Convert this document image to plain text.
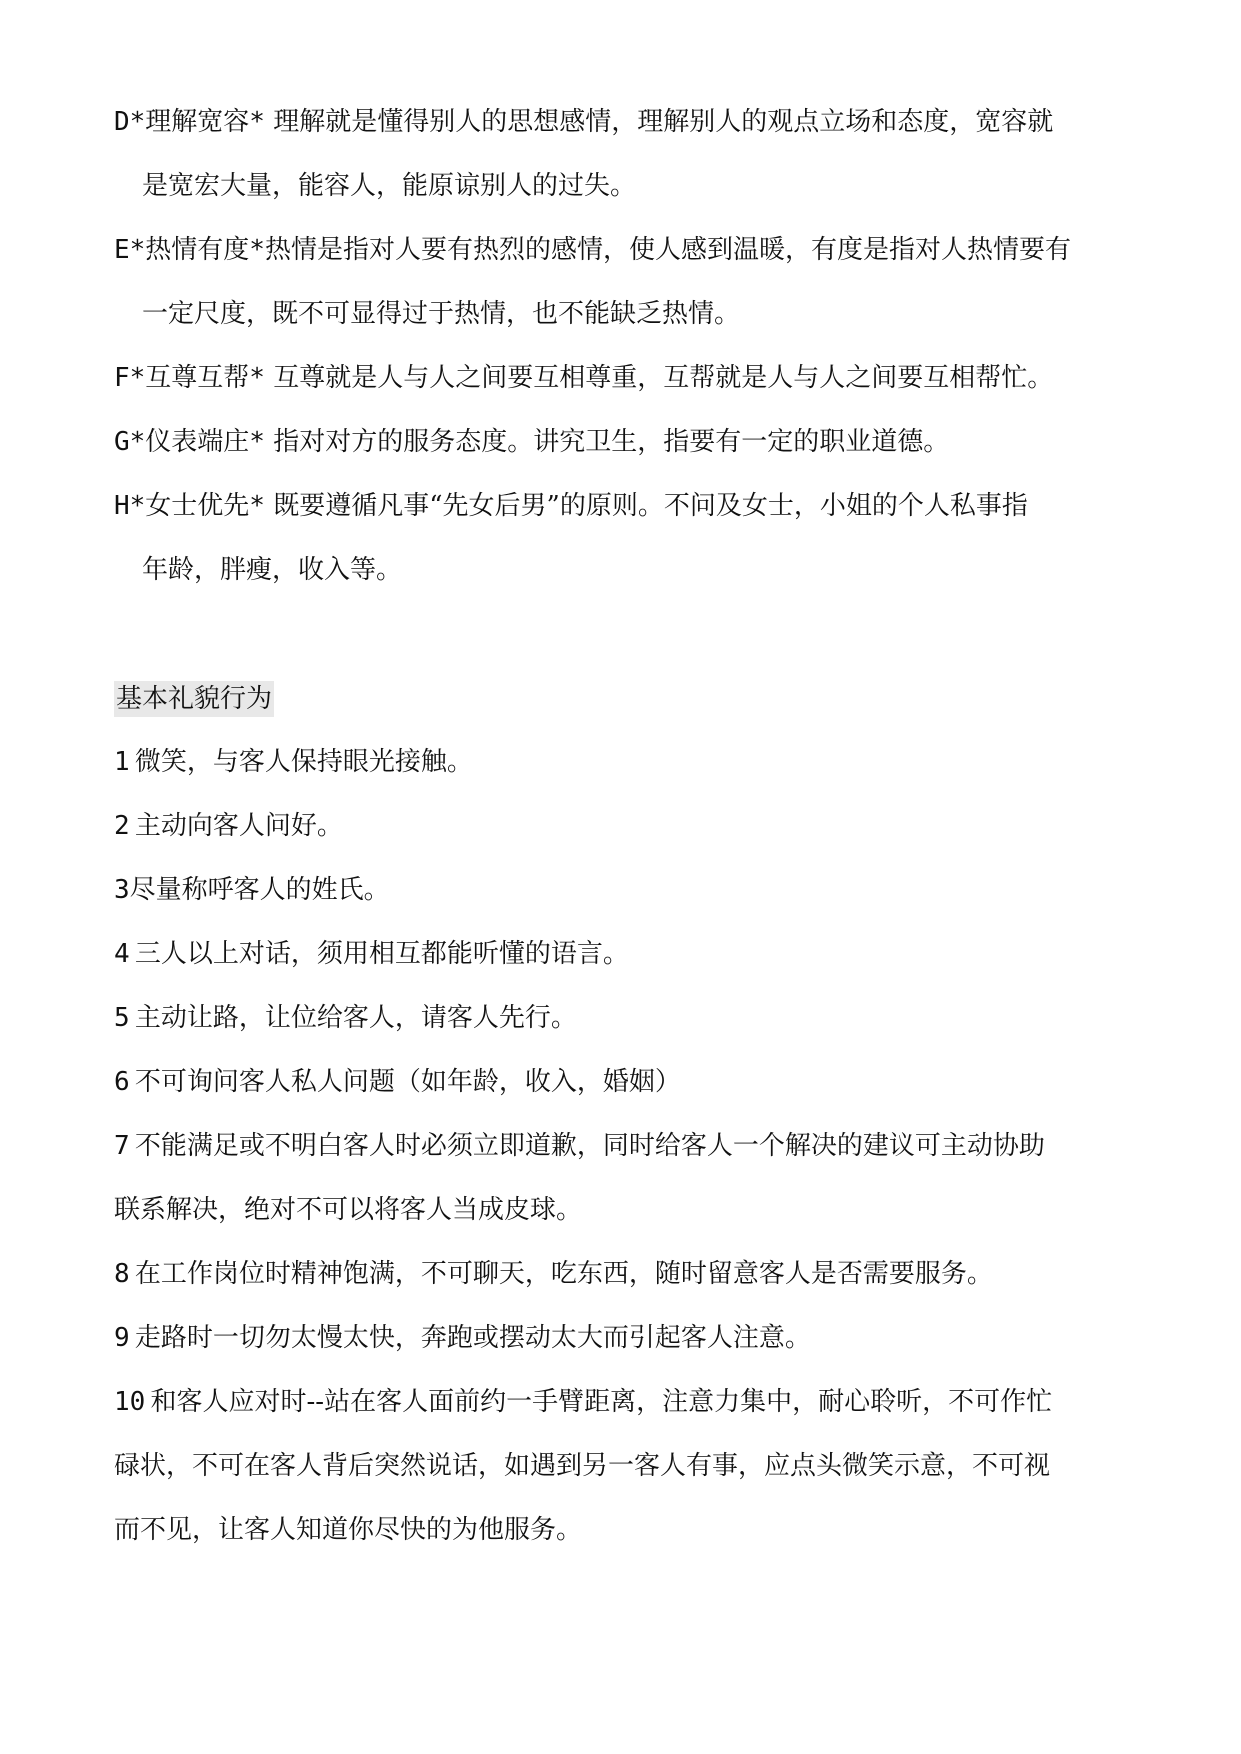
D*理解宽容* 理解就是懂得别人的思想感情，理解别人的观点立场和态度，宽容就
是宽宏大量，能容人，能原谅别人的过失。
E*热情有度*热情是指对人要有热烈的感情，使人感到温暖，有度是指对人热情要有
一定尺度，既不可显得过于热情，也不能缺乏热情。
F*互尊互帮* 互尊就是人与人之间要互相尊重，互帮就是人与人之间要互相帮忙。
G*仪表端庄* 指对对方的服务态度。讲究卫生，指要有一定的职业道德。
H*女士优先* 既要遵循凡事“先女后男”的原则。不问及女士，小姐的个人私事指
年龄，胖瘦，收入等。
基本礼貌行为
1  微笑，与客人保持眼光接触。
2  主动向客人问好。
3尽量称呼客人的姓氏。
4  三人以上对话，须用相互都能听懂的语言。
5  主动让路，让位给客人，请客人先行。
6  不可询问客人私人问题（如年龄，收入，婚姻）
7  不能满足或不明白客人时必须立即道歉，同时给客人一个解决的建议可主动协助
联系解决，绝对不可以将客人当成皮球。
8  在工作岗位时精神饱满，不可聊天，吃东西，随时留意客人是否需要服务。
9  走路时一切勿太慢太快，奔跑或摆动太大而引起客人注意。
10  和客人应对时--站在客人面前约一手臂距离，注意力集中，耐心聆听，不可作忙
碌状，不可在客人背后突然说话，如遇到另一客人有事，应点头微笑示意，不可视
而不见，让客人知道你尽快的为他服务。
